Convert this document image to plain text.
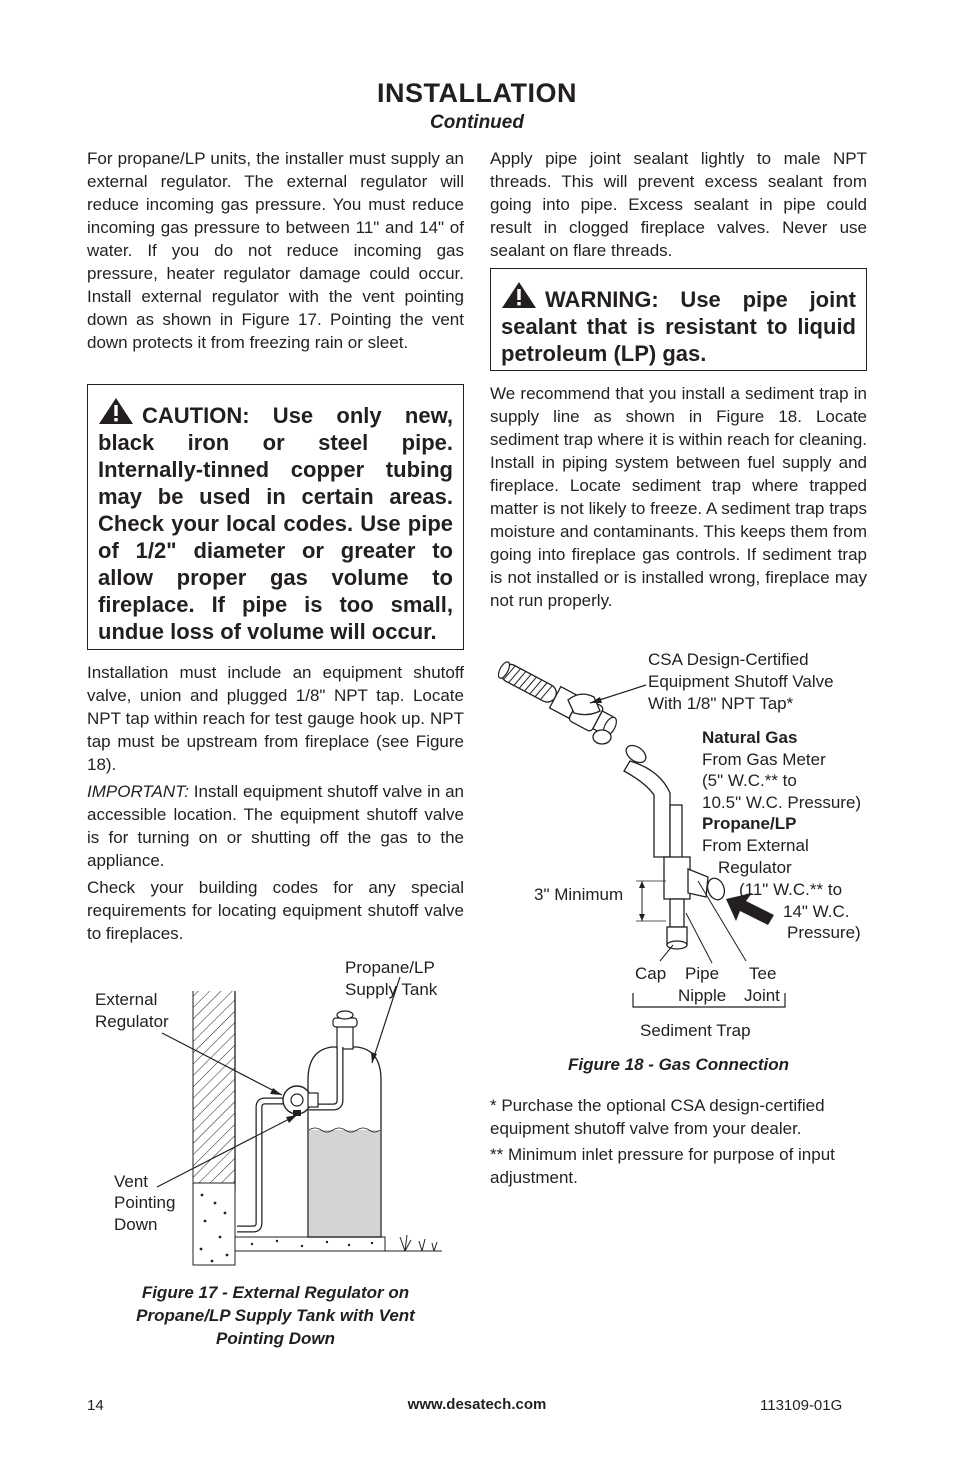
INSTALLATION
Continued

For propane/LP units, the installer must supply an external regulator. The external regulator will reduce incoming gas pressure. You must reduce incoming gas pressure to between 11" and 14" of water. If you do not reduce incoming gas pressure, heater regulator damage could occur. Install external regulator with the vent pointing down as shown in Figure 17. Pointing the vent down protects it from freezing rain or sleet.

CAUTION: Use only new, black iron or steel pipe. Internally-tinned copper tubing may be used in certain areas. Check your local codes. Use pipe of 1/2" diameter or greater to allow proper gas volume to fireplace. If pipe is too small, undue loss of volume will occur.

Installation must include an equipment shutoff valve, union and plugged 1/8" NPT tap. Locate NPT tap within reach for test gauge hook up. NPT tap must be upstream from fireplace (see Figure 18).

IMPORTANT: Install equipment shutoff valve in an accessible location. The equipment shutoff valve is for turning on or shutting off the gas to the appliance.

Check your building codes for any special requirements for locating equipment shutoff valve to fireplaces.

Propane/LP
Supply Tank
External
Regulator
Vent
Pointing
Down
Figure 17 - External Regulator on
Propane/LP Supply Tank with Vent
Pointing Down

Apply pipe joint sealant lightly to male NPT threads. This will prevent excess sealant from going into pipe. Excess sealant in pipe could result in clogged fireplace valves. Never use sealant on flare threads.

WARNING: Use pipe joint sealant that is resistant to liquid petroleum (LP) gas.

We recommend that you install a sediment trap in supply line as shown in Figure 18. Locate sediment trap where it is within reach for cleaning. Install in piping system between fuel supply and fireplace. Locate sediment trap where trapped matter is not likely to freeze. A sediment trap traps moisture and contaminants. This keeps them from going into fireplace gas controls. If sediment trap is not installed or is installed wrong, fireplace may not run properly.

CSA Design-Certified
Equipment Shutoff Valve
With 1/8" NPT Tap*
Natural Gas
From Gas Meter
(5" W.C.** to
10.5" W.C. Pressure)
Propane/LP
From External
Regulator
(11" W.C.** to
14" W.C.
Pressure)
3" Minimum
Cap Pipe
Nipple
Tee
Joint
Sediment Trap
Figure 18 - Gas Connection

* Purchase the optional CSA design-certified equipment shutoff valve from your dealer.

** Minimum inlet pressure for purpose of input adjustment.

14	www.desatech.com	113109-01G
